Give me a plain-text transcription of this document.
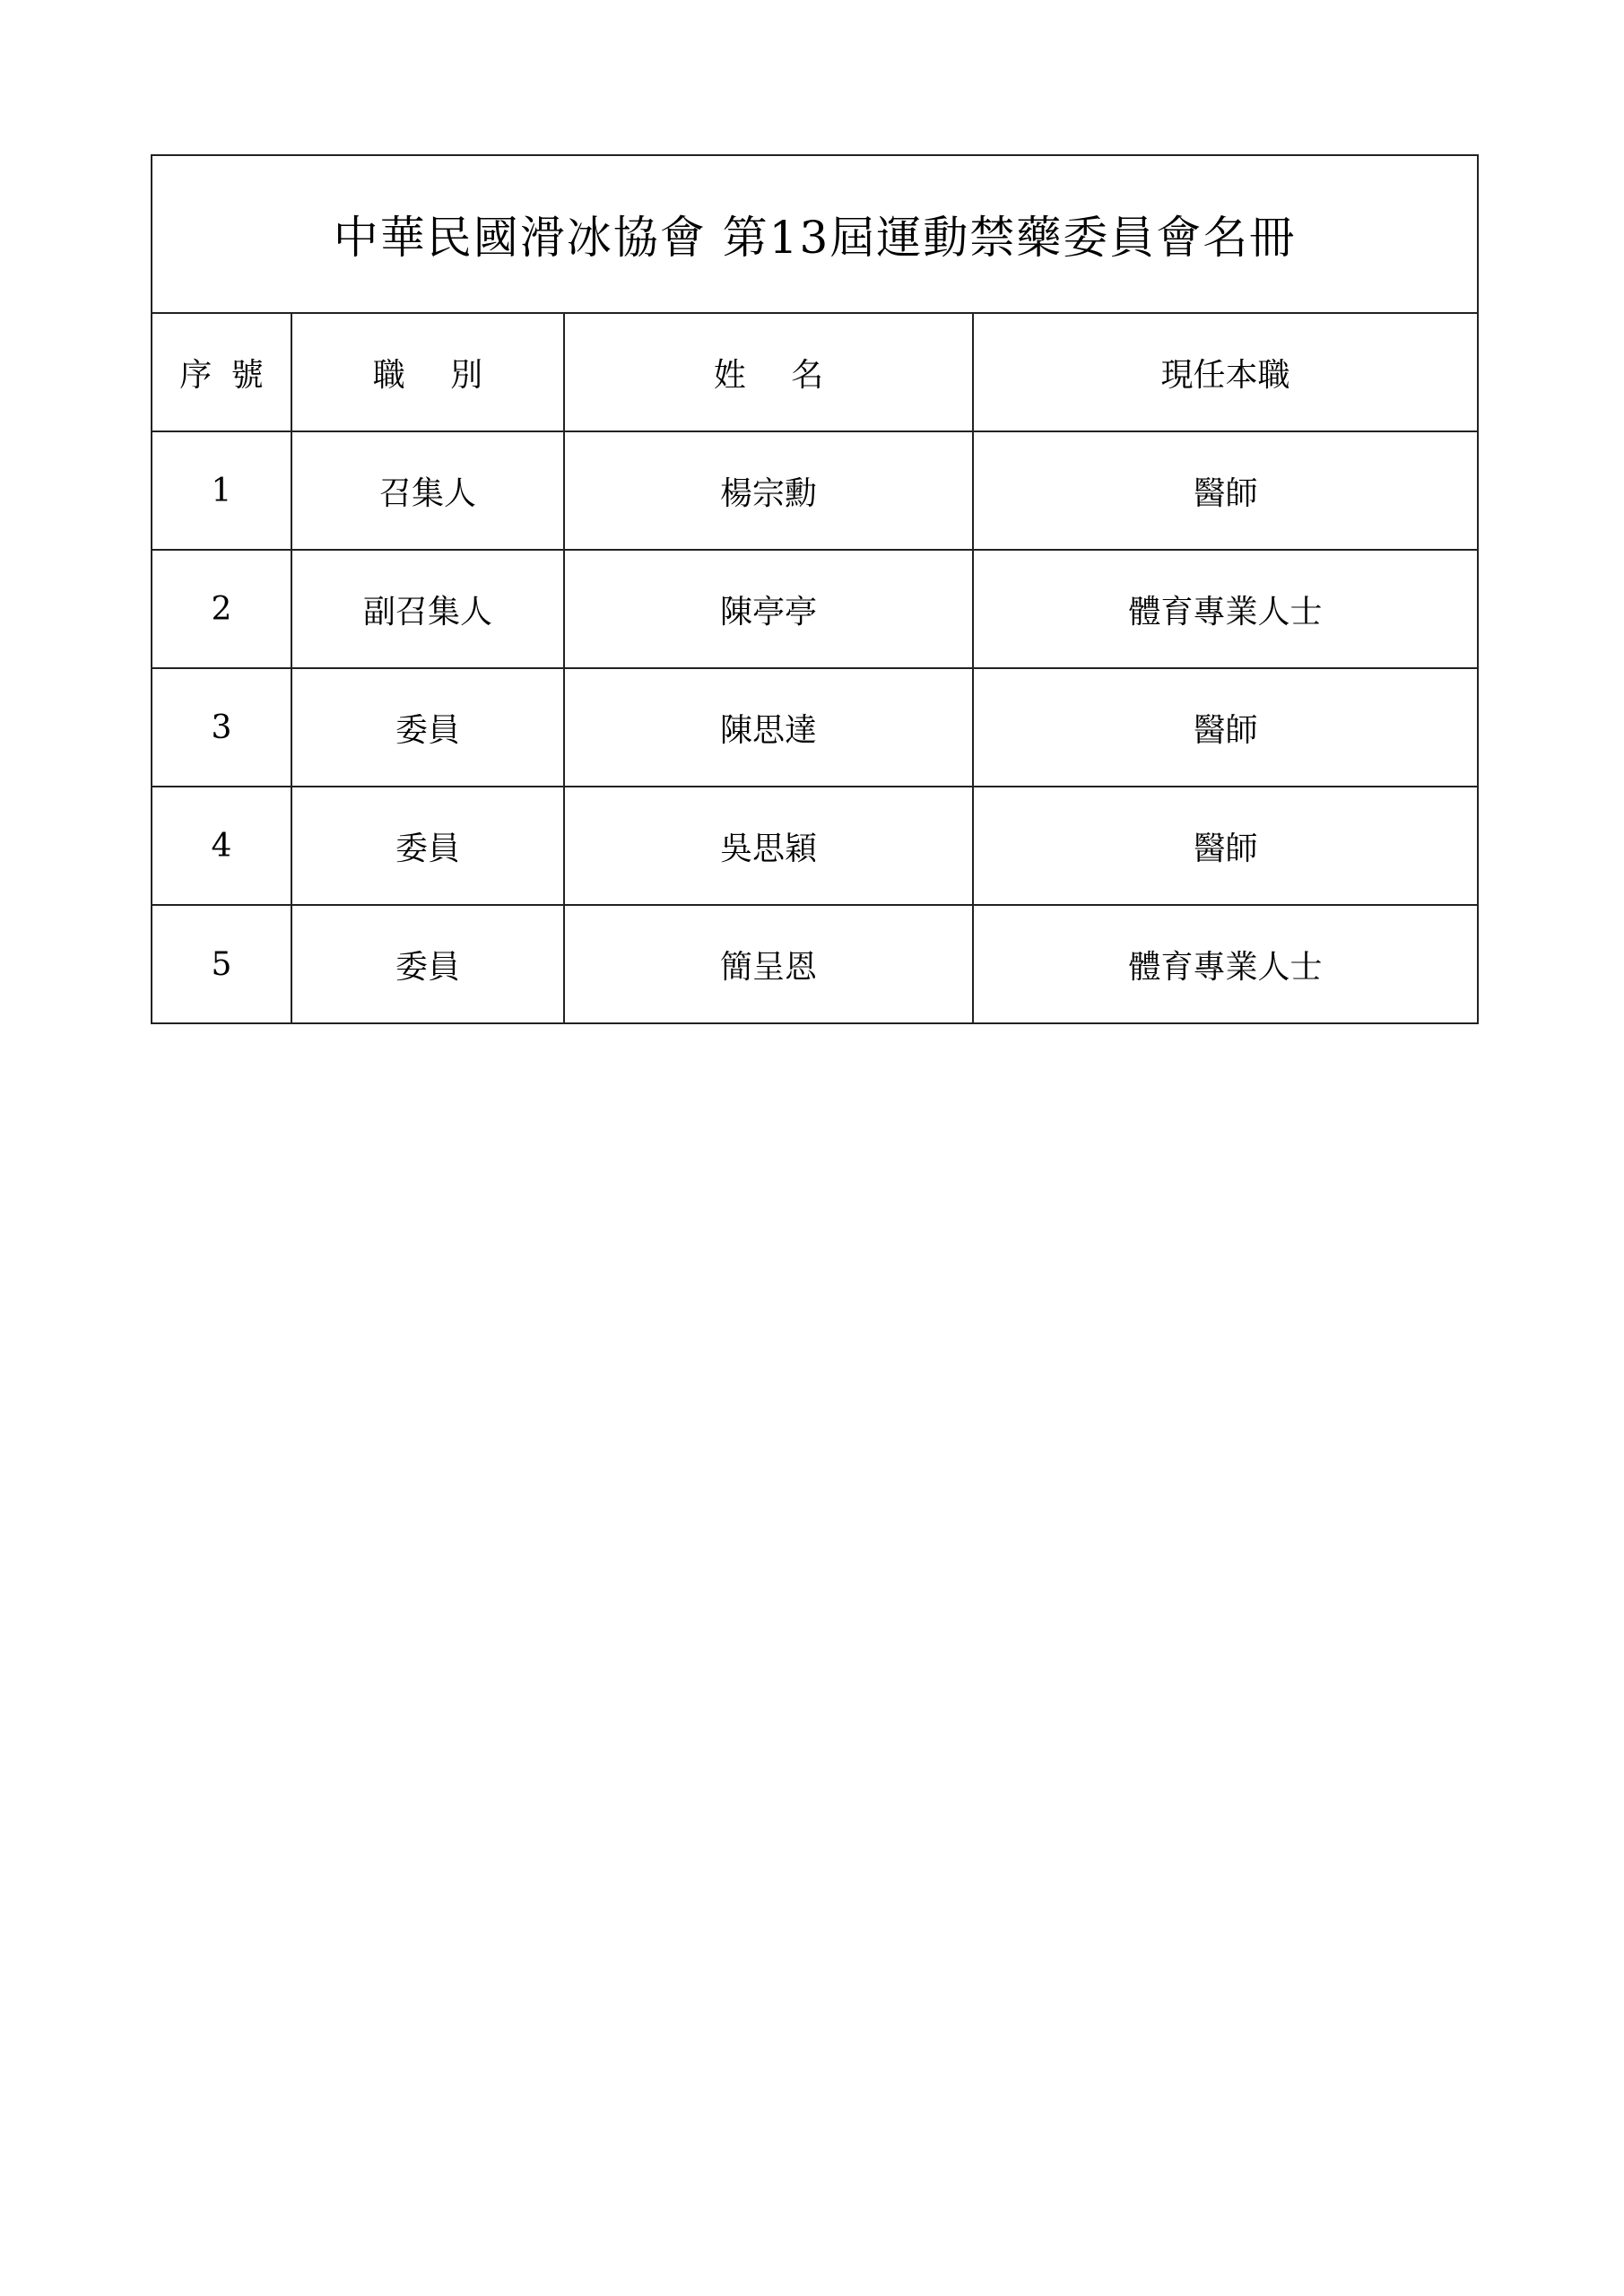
中華民國滑冰協會 第13屆運動禁藥委員會名冊			
序號	職別	姓名	現任本職
1	召集人	楊宗勳	醫師
2	副召集人	陳亭亭	體育專業人士
3	委員	陳思達	醫師
4	委員	吳思穎	醫師
5	委員	簡呈恩	體育專業人士
